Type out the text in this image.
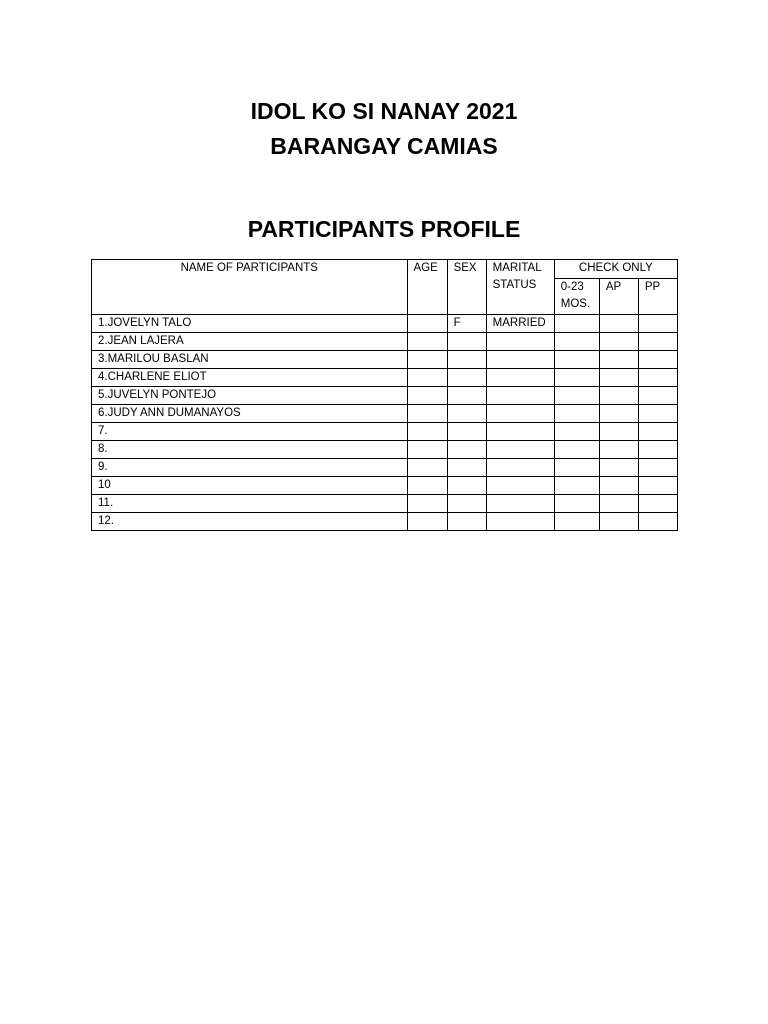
IDOL KO SI NANAY 2021
BARANGAY CAMIAS
PARTICIPANTS PROFILE
NAME OF PARTICIPANTS	AGE	SEX	MARITAL STATUS	CHECK ONLY		
				0-23 MOS.	AP	PP
1.JOVELYN TALO		F	MARRIED			
2.JEAN LAJERA						
3.MARILOU BASLAN						
4.CHARLENE ELIOT						
5.JUVELYN PONTEJO						
6.JUDY ANN DUMANAYOS						
7.						
8.						
9.						
10						
11.						
12.						
